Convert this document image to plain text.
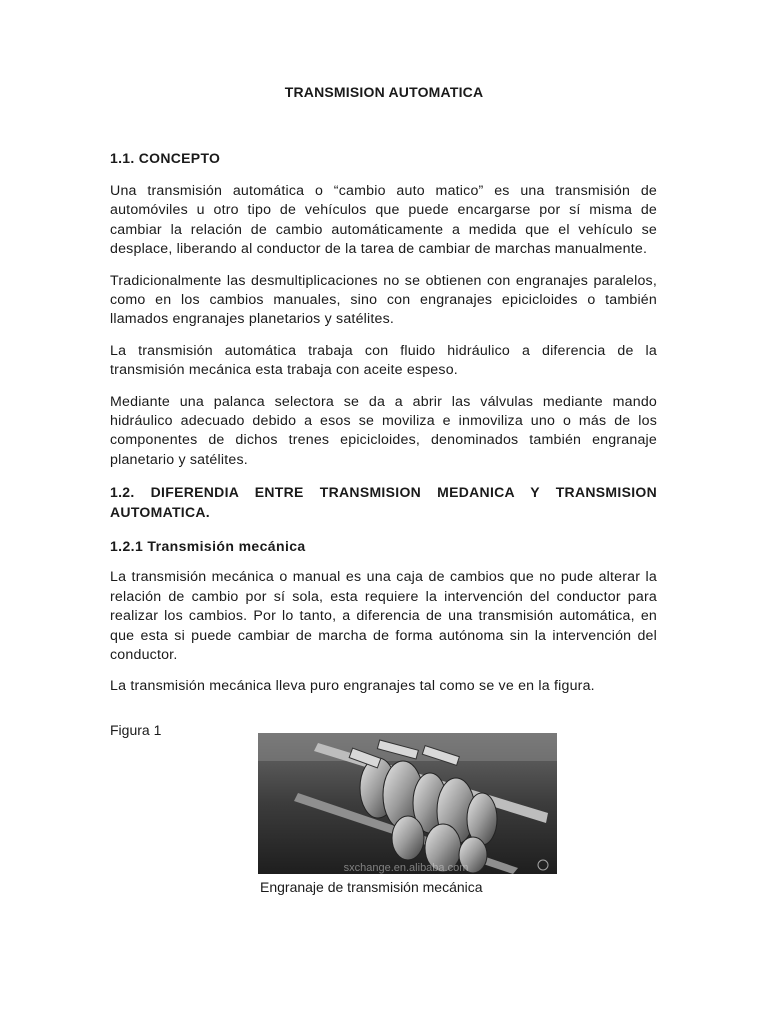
TRANSMISION AUTOMATICA
1.1. CONCEPTO

Una transmisión automática o “cambio auto matico” es una transmisión de automóviles u otro tipo de vehículos que puede encargarse por sí misma de cambiar la relación de cambio automáticamente a medida que el vehículo se desplace, liberando al conductor de la tarea de cambiar de marchas manualmente.

Tradicionalmente las desmultiplicaciones no se obtienen con engranajes paralelos, como en los cambios manuales, sino con engranajes epicicloides o también llamados engranajes planetarios y satélites.

La transmisión automática trabaja con fluido hidráulico a diferencia de la transmisión mecánica esta trabaja con aceite espeso.

Mediante una palanca selectora se da a abrir las válvulas mediante mando hidráulico adecuado debido a esos se moviliza e inmoviliza uno o más de los componentes de dichos trenes epicicloides, denominados también engranaje planetario y satélites.

1.2. DIFERENDIA ENTRE TRANSMISION MEDANICA Y TRANSMISION AUTOMATICA.
1.2.1 Transmisión mecánica

La transmisión mecánica o manual es una caja de cambios que no pude alterar la relación de cambio por sí sola, esta requiere la intervención del conductor para realizar los cambios. Por lo tanto, a diferencia de una transmisión automática, en que esta si puede cambiar de marcha de forma autónoma sin la intervención del conductor.

La transmisión mecánica lleva puro engranajes tal como se ve en la figura.

Figura 1
sxchange.en.alibaba.com
Engranaje de transmisión mecánica
